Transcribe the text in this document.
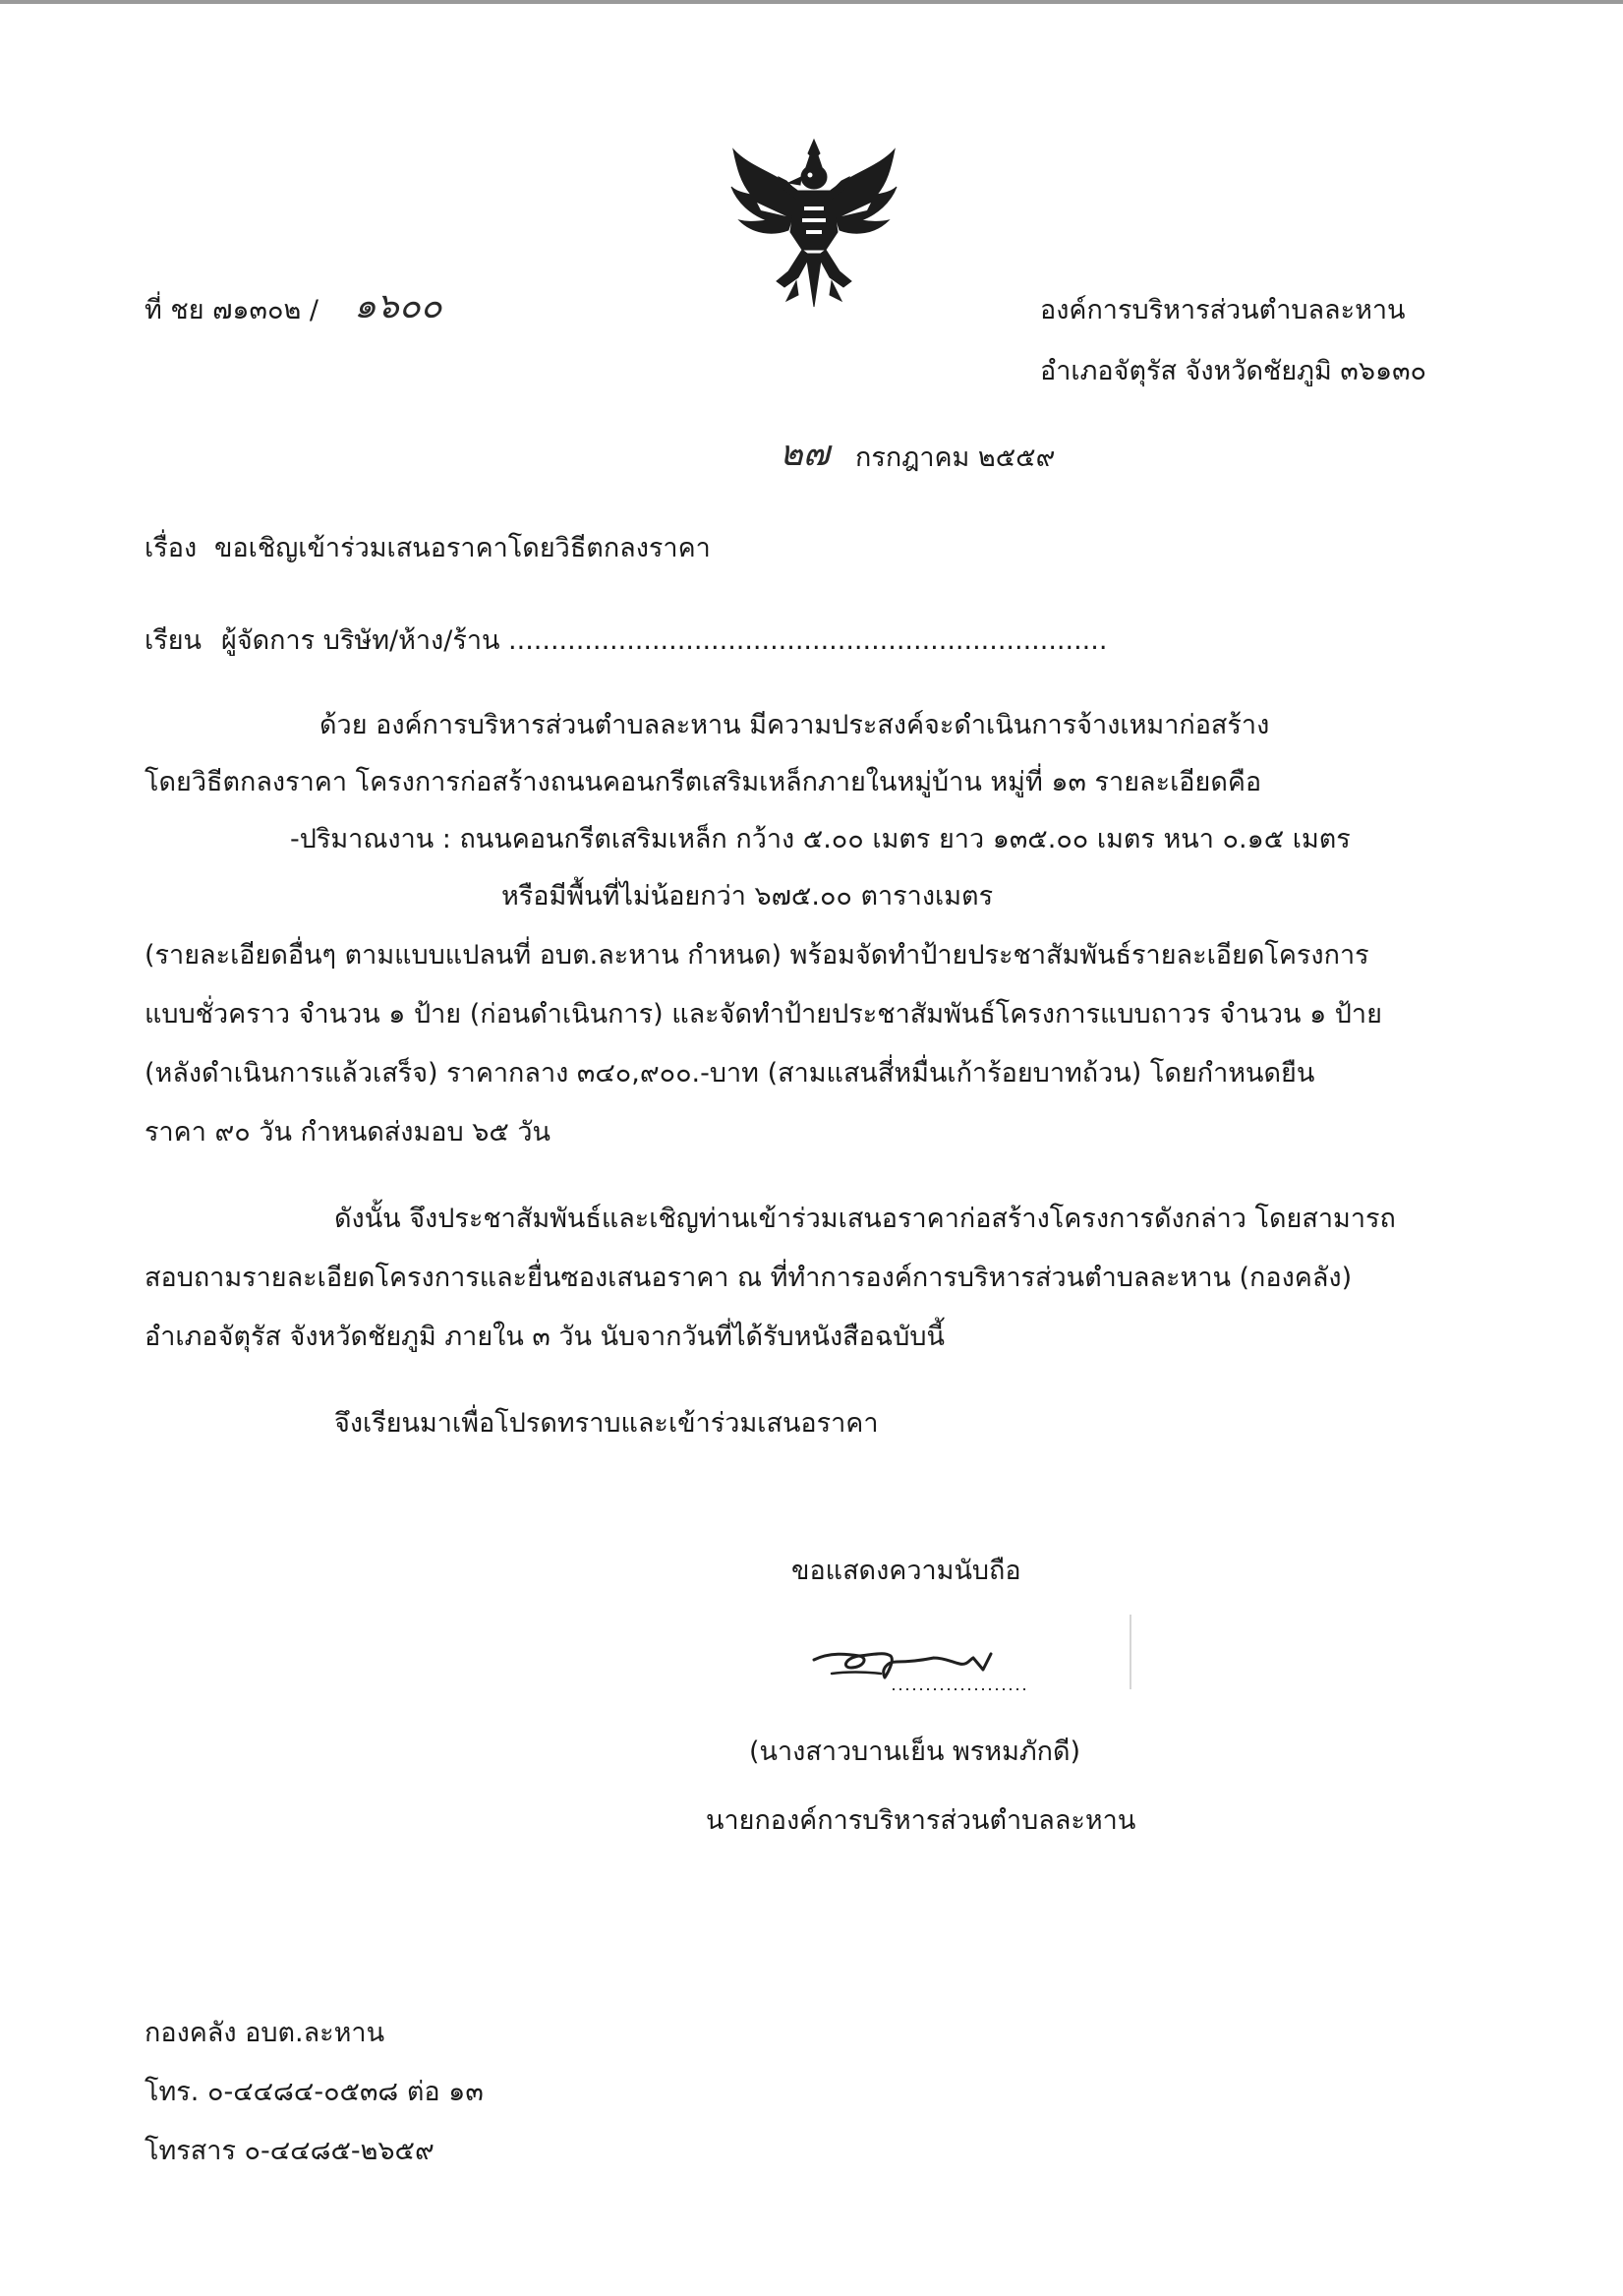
ที่ ชย ๗๑๓๐๒ / ๑๖๐๐	องค์การบริหารส่วนตำบลละหาน
อำเภอจัตุรัส จังหวัดชัยภูมิ ๓๖๑๓๐
๒๗ กรกฎาคม ๒๕๕๙
เรื่อง ขอเชิญเข้าร่วมเสนอราคาโดยวิธีตกลงราคา
เรียน ผู้จัดการ บริษัท/ห้าง/ร้าน .......................................................................
ด้วย องค์การบริหารส่วนตำบลละหาน มีความประสงค์จะดำเนินการจ้างเหมาก่อสร้าง
โดยวิธีตกลงราคา โครงการก่อสร้างถนนคอนกรีตเสริมเหล็กภายในหมู่บ้าน หมู่ที่ ๑๓ รายละเอียดคือ
-ปริมาณงาน : ถนนคอนกรีตเสริมเหล็ก กว้าง ๕.๐๐ เมตร ยาว ๑๓๕.๐๐ เมตร หนา ๐.๑๕ เมตร
หรือมีพื้นที่ไม่น้อยกว่า ๖๗๕.๐๐ ตารางเมตร
(รายละเอียดอื่นๆ ตามแบบแปลนที่ อบต.ละหาน กำหนด) พร้อมจัดทำป้ายประชาสัมพันธ์รายละเอียดโครงการ
แบบชั่วคราว จำนวน ๑ ป้าย (ก่อนดำเนินการ) และจัดทำป้ายประชาสัมพันธ์โครงการแบบถาวร จำนวน ๑ ป้าย
(หลังดำเนินการแล้วเสร็จ) ราคากลาง ๓๔๐,๙๐๐.-บาท (สามแสนสี่หมื่นเก้าร้อยบาทถ้วน) โดยกำหนดยืน
ราคา ๙๐ วัน กำหนดส่งมอบ ๖๕ วัน
ดังนั้น จึงประชาสัมพันธ์และเชิญท่านเข้าร่วมเสนอราคาก่อสร้างโครงการดังกล่าว โดยสามารถ
สอบถามรายละเอียดโครงการและยื่นซองเสนอราคา ณ ที่ทำการองค์การบริหารส่วนตำบลละหาน (กองคลัง)
อำเภอจัตุรัส จังหวัดชัยภูมิ ภายใน ๓ วัน นับจากวันที่ได้รับหนังสือฉบับนี้
จึงเรียนมาเพื่อโปรดทราบและเข้าร่วมเสนอราคา
ขอแสดงความนับถือ
(นางสาวบานเย็น พรหมภักดี)
นายกองค์การบริหารส่วนตำบลละหาน
กองคลัง อบต.ละหาน
โทร. ๐-๔๔๘๔-๐๕๓๘ ต่อ ๑๓
โทรสาร ๐-๔๔๘๕-๒๖๕๙
